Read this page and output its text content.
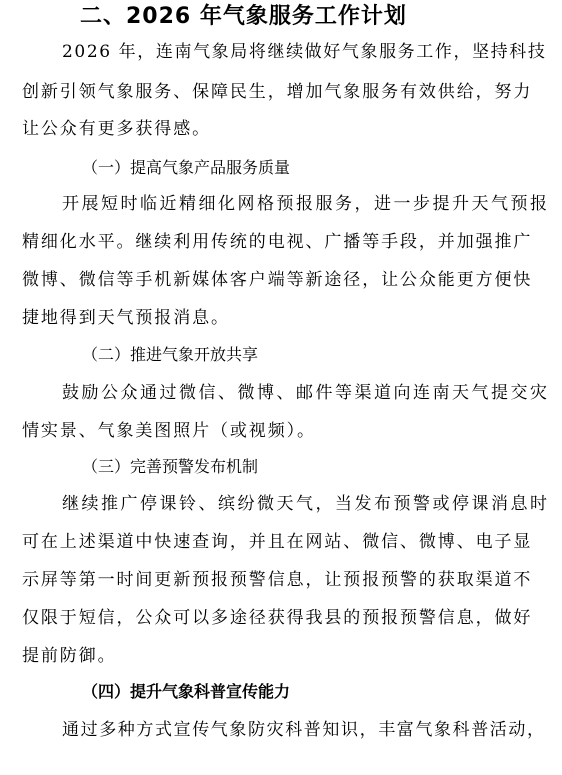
二、2026 年气象服务工作计划
2026 年，连南气象局将继续做好气象服务工作，坚持科技
创新引领气象服务、保障民生，增加气象服务有效供给，努力
让公众有更多获得感。
（一）提高气象产品服务质量
开展短时临近精细化网格预报服务，进一步提升天气预报
精细化水平。继续利用传统的电视、广播等手段，并加强推广
微博、微信等手机新媒体客户端等新途径，让公众能更方便快
捷地得到天气预报消息。
（二）推进气象开放共享
鼓励公众通过微信、微博、邮件等渠道向连南天气提交灾
情实景、气象美图照片（或视频）。
（三）完善预警发布机制
继续推广停课铃、缤纷微天气，当发布预警或停课消息时
可在上述渠道中快速查询，并且在网站、微信、微博、电子显
示屏等第一时间更新预报预警信息，让预报预警的获取渠道不
仅限于短信，公众可以多途径获得我县的预报预警信息，做好
提前防御。
（四）提升气象科普宣传能力
通过多种方式宣传气象防灾科普知识，丰富气象科普活动，
